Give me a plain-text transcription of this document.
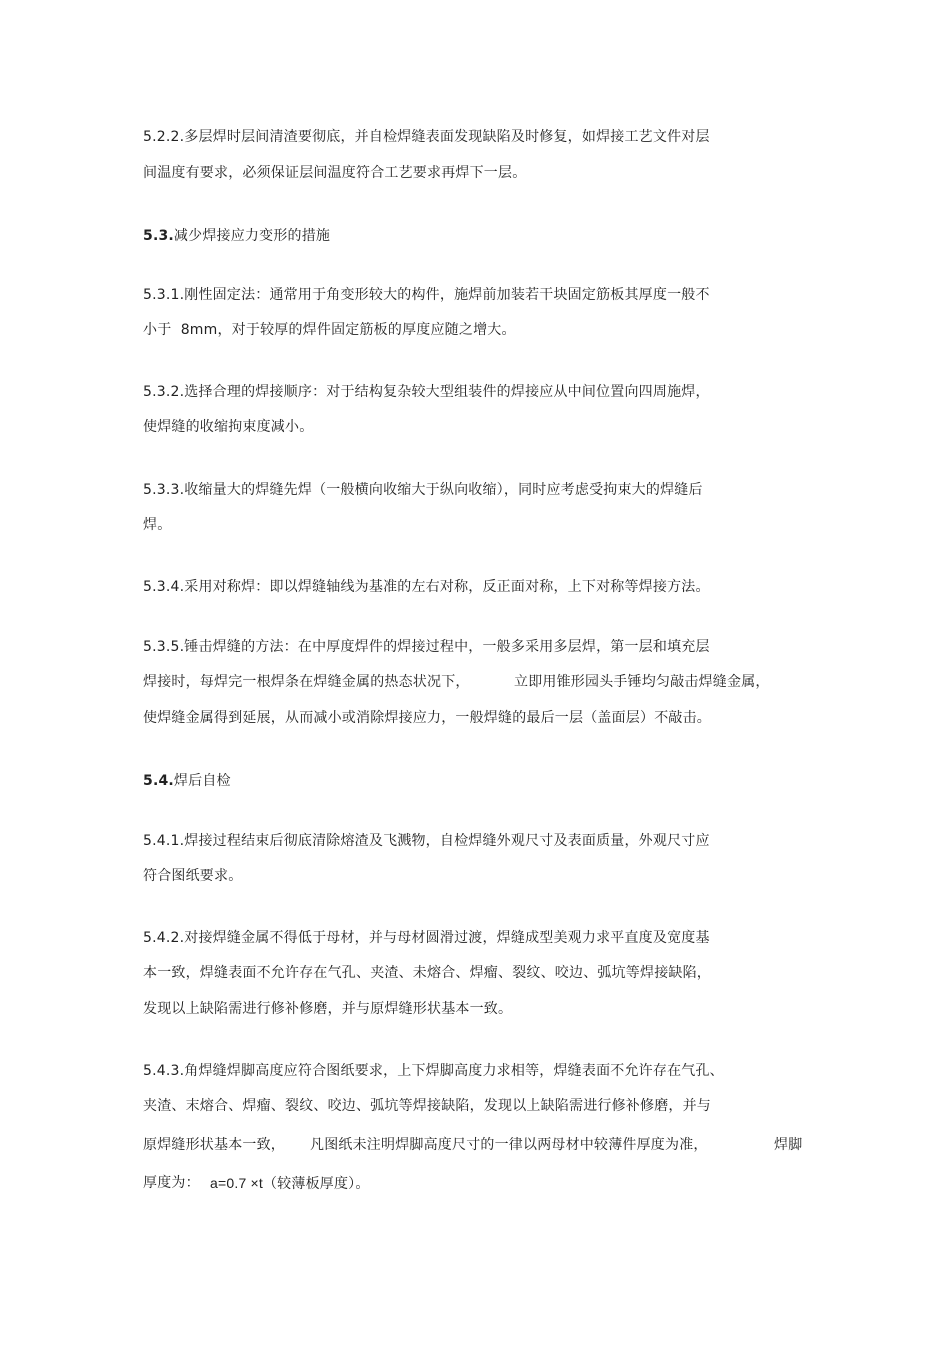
5.2.2.多层焊时层间清渣要彻底，并自检焊缝表面发现缺陷及时修复，如焊接工艺文件对层
间温度有要求，必须保证层间温度符合工艺要求再焊下一层。
5.3.减少焊接应力变形的措施
5.3.1.刚性固定法：通常用于角变形较大的构件，施焊前加装若干块固定筋板其厚度一般不
小于  8mm，对于较厚的焊件固定筋板的厚度应随之增大。
5.3.2.选择合理的焊接顺序：对于结构复杂较大型组装件的焊接应从中间位置向四周施焊，
使焊缝的收缩拘束度减小。
5.3.3.收缩量大的焊缝先焊（一般横向收缩大于纵向收缩），同时应考虑受拘束大的焊缝后
焊。
5.3.4.采用对称焊：即以焊缝轴线为基准的左右对称，反正面对称，上下对称等焊接方法。
5.3.5.锤击焊缝的方法：在中厚度焊件的焊接过程中，一般多采用多层焊，第一层和填充层
焊接时，每焊完一根焊条在焊缝金属的热态状况下，	立即用锥形园头手锤均匀敲击焊缝金属，
使焊缝金属得到延展，从而减小或消除焊接应力，一般焊缝的最后一层（盖面层）不敲击。
5.4.焊后自检
5.4.1.焊接过程结束后彻底清除熔渣及飞溅物，自检焊缝外观尺寸及表面质量，外观尺寸应
符合图纸要求。
5.4.2.对接焊缝金属不得低于母材，并与母材圆滑过渡，焊缝成型美观力求平直度及宽度基
本一致，焊缝表面不允许存在气孔、夹渣、未熔合、焊瘤、裂纹、咬边、弧坑等焊接缺陷，
发现以上缺陷需进行修补修磨，并与原焊缝形状基本一致。
5.4.3.角焊缝焊脚高度应符合图纸要求，上下焊脚高度力求相等，焊缝表面不允许存在气孔、
夹渣、末熔合、焊瘤、裂纹、咬边、弧坑等焊接缺陷，发现以上缺陷需进行修补修磨，并与
原焊缝形状基本一致， 凡图纸未注明焊脚高度尺寸的一律以两母材中较薄件厚度为准，	焊脚
厚度为： a=0.7 ×t（较薄板厚度）。
